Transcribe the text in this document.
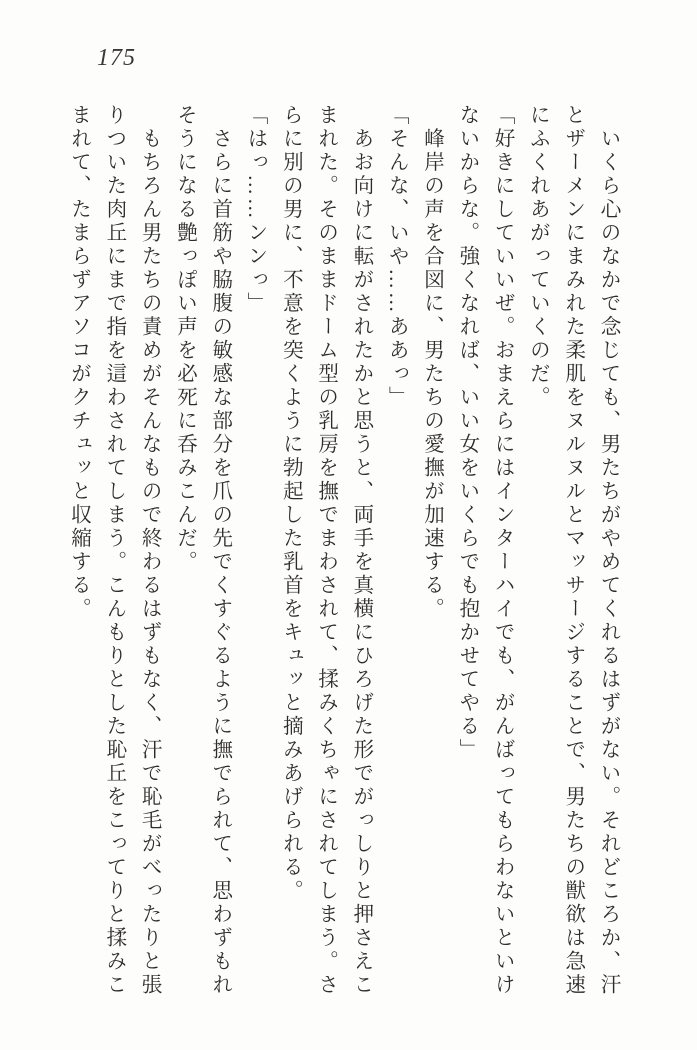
175

　いくら心のなかで念じても、男たちがやめてくれるはずがない。それどころか、汗

とザーメンにまみれた柔肌をヌルヌルとマッサージすることで、男たちの獣欲は急速

にふくれあがっていくのだ。

「好きにしていいぜ。おまえらにはインターハイでも、がんばってもらわないといけ

ないからな。強くなれば、いい女をいくらでも抱かせてやる」

　峰岸の声を合図に、男たちの愛撫が加速する。

「そんな、いや……ああっ」

　あお向けに転がされたかと思うと、両手を真横にひろげた形でがっしりと押さえこ

まれた。そのままドーム型の乳房を撫でまわされて、揉みくちゃにされてしまう。さ

らに別の男に、不意を突くように勃起した乳首をキュッと摘みあげられる。

「はっ……ンンっ」

　さらに首筋や脇腹の敏感な部分を爪の先でくすぐるように撫でられて、思わずもれ

そうになる艶っぽい声を必死に呑みこんだ。

　もちろん男たちの責めがそんなもので終わるはずもなく、汗で恥毛がべったりと張

りついた肉丘にまで指を這わされてしまう。こんもりとした恥丘をこってりと揉みこ

まれて、たまらずアソコがクチュッと収縮する。
